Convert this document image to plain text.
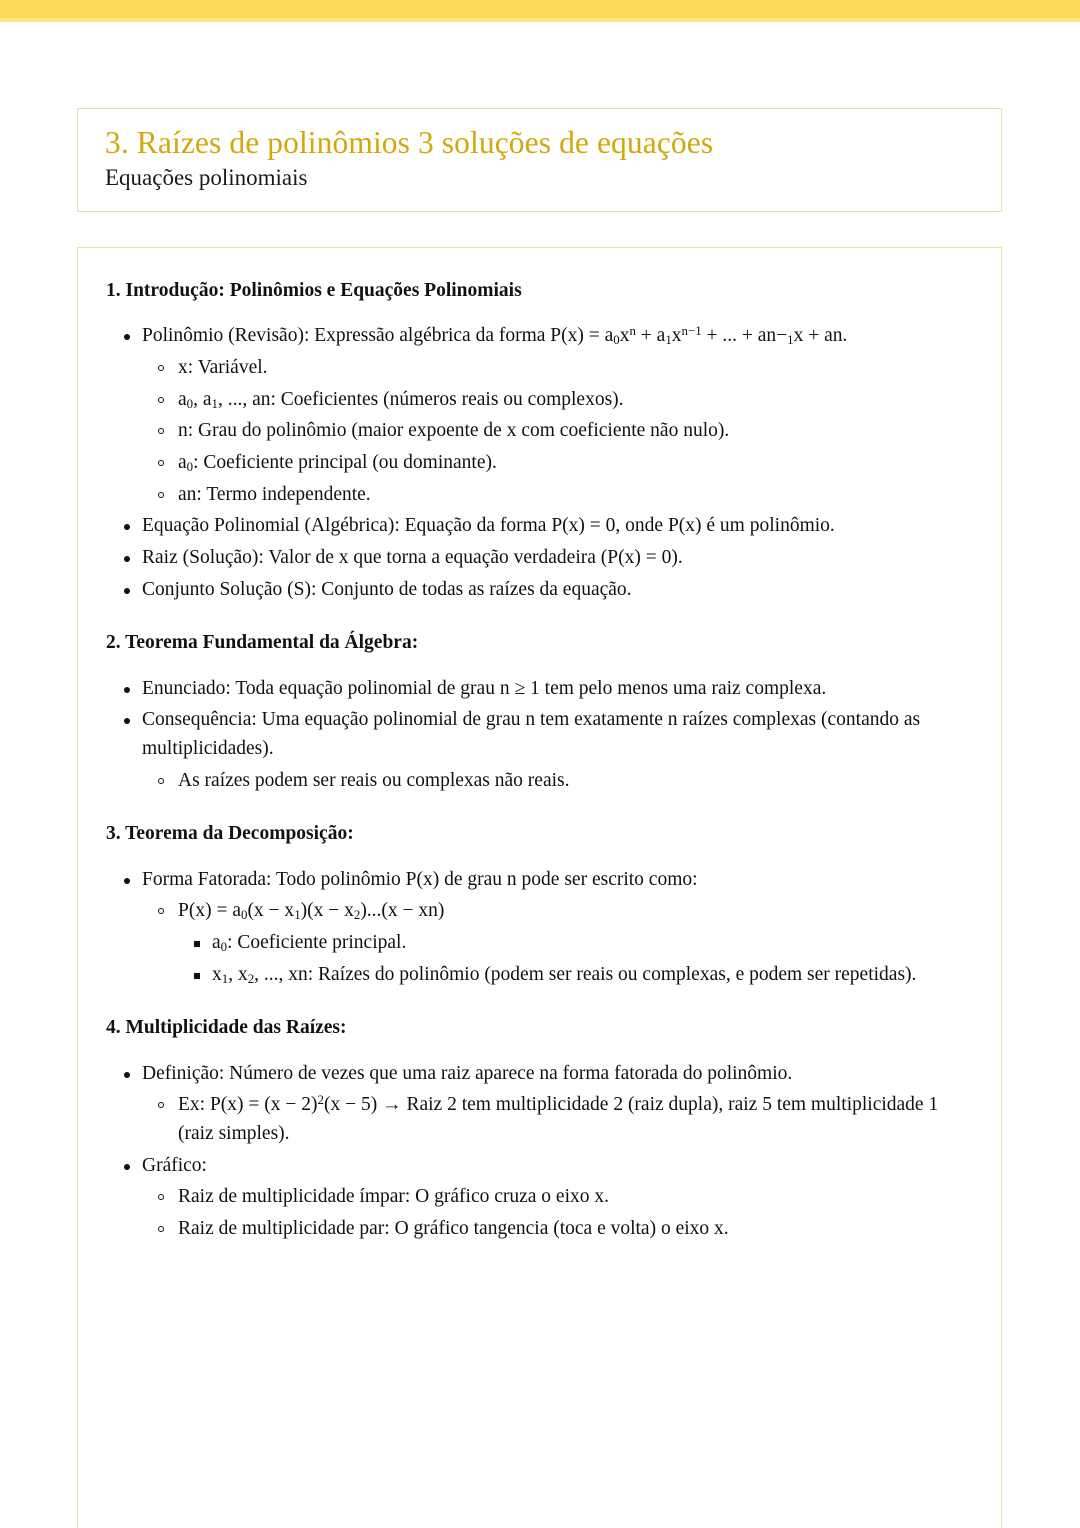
3. Raízes de polinômios 3 soluções de equações
Equações polinomiais
1. Introdução: Polinômios e Equações Polinomiais
Polinômio (Revisão): Expressão algébrica da forma $P(x) = a_0x^n + a_1x^{n-1}$ + ... + $an-_1x$ + an.
x: Variável.
$a_0$, $a_1$, ..., an: Coeficientes (números reais ou complexos).
n: Grau do polinômio (maior expoente de x com coeficiente não nulo).
$a_0$: Coeficiente principal (ou dominante).
an: Termo independente.
Equação Polinomial (Algébrica): Equação da forma P(x) = 0, onde P(x) é um polinômio.
Raiz (Solução): Valor de x que torna a equação verdadeira (P(x) = 0).
Conjunto Solução (S): Conjunto de todas as raízes da equação.
2. Teorema Fundamental da Álgebra:
Enunciado: Toda equação polinomial de grau n ≥ 1 tem pelo menos uma raiz complexa.
Consequência: Uma equação polinomial de grau n tem exatamente n raízes complexas (contando as multiplicidades).
As raízes podem ser reais ou complexas não reais.
3. Teorema da Decomposição:
Forma Fatorada: Todo polinômio P(x) de grau n pode ser escrito como:
$P(x) = a_0(x - x_1)(x - x_2)...(x - xn)$
$a_0$: Coeficiente principal.
$x_1$, $x_2$, ..., xn: Raízes do polinômio (podem ser reais ou complexas, e podem ser repetidas).
4. Multiplicidade das Raízes:
Definição: Número de vezes que uma raiz aparece na forma fatorada do polinômio.
Ex: $P(x) = (x - 2)^2(x - 5)$ → Raiz 2 tem multiplicidade 2 (raiz dupla), raiz 5 tem multiplicidade 1 (raiz simples).
Gráfico:
Raiz de multiplicidade ímpar: O gráfico cruza o eixo x.
Raiz de multiplicidade par: O gráfico tangencia (toca e volta) o eixo x.
